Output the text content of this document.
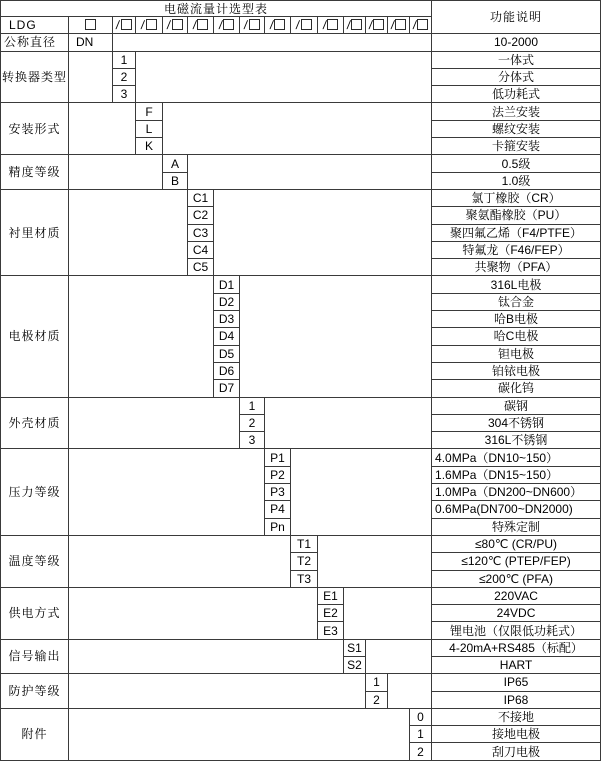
电磁流量计选型表															功能说明
LDG		/	/	/	/	/	/	/	/	/	/	/	/	/	
公称直径	DN														10-2000
转换器类型		1													一体式
		2													分体式
		3													低功耗式
安装形式			F												法兰安装
			L												螺纹安装
			K												卡箍安装
精度等级				A											0.5级
				B											1.0级
衬里材质					C1										氯丁橡胶（CR）
					C2										聚氨酯橡胶（PU）
					C3										聚四氟乙烯（F4/PTFE）
					C4										特氟龙（F46/FEP）
					C5										共聚物（PFA）
电极材质						D1									316L电极
						D2									钛合金
						D3									哈B电极
						D4									哈C电极
						D5									钽电极
						D6									铂铱电极
						D7									碳化钨
外壳材质							1								碳钢
							2								304不锈钢
							3								316L不锈钢
压力等级								P1							4.0MPa（DN10~150）
								P2							1.6MPa（DN15~150）
								P3							1.0MPa（DN200~DN600）
								P4							0.6MPa(DN700~DN2000)
								Pn							特殊定制
温度等级									T1						≤80℃ (CR/PU)
									T2						≤120℃ (PTEP/FEP)
									T3						≤200℃ (PFA)
供电方式										E1					220VAC
										E2					24VDC
										E3					锂电池（仅限低功耗式）
信号输出											S1				4-20mA+RS485（标配）
											S2				HART
防护等级												1			IP65
												2			IP68
附件														0	不接地
														1	接地电极
														2	刮刀电极
